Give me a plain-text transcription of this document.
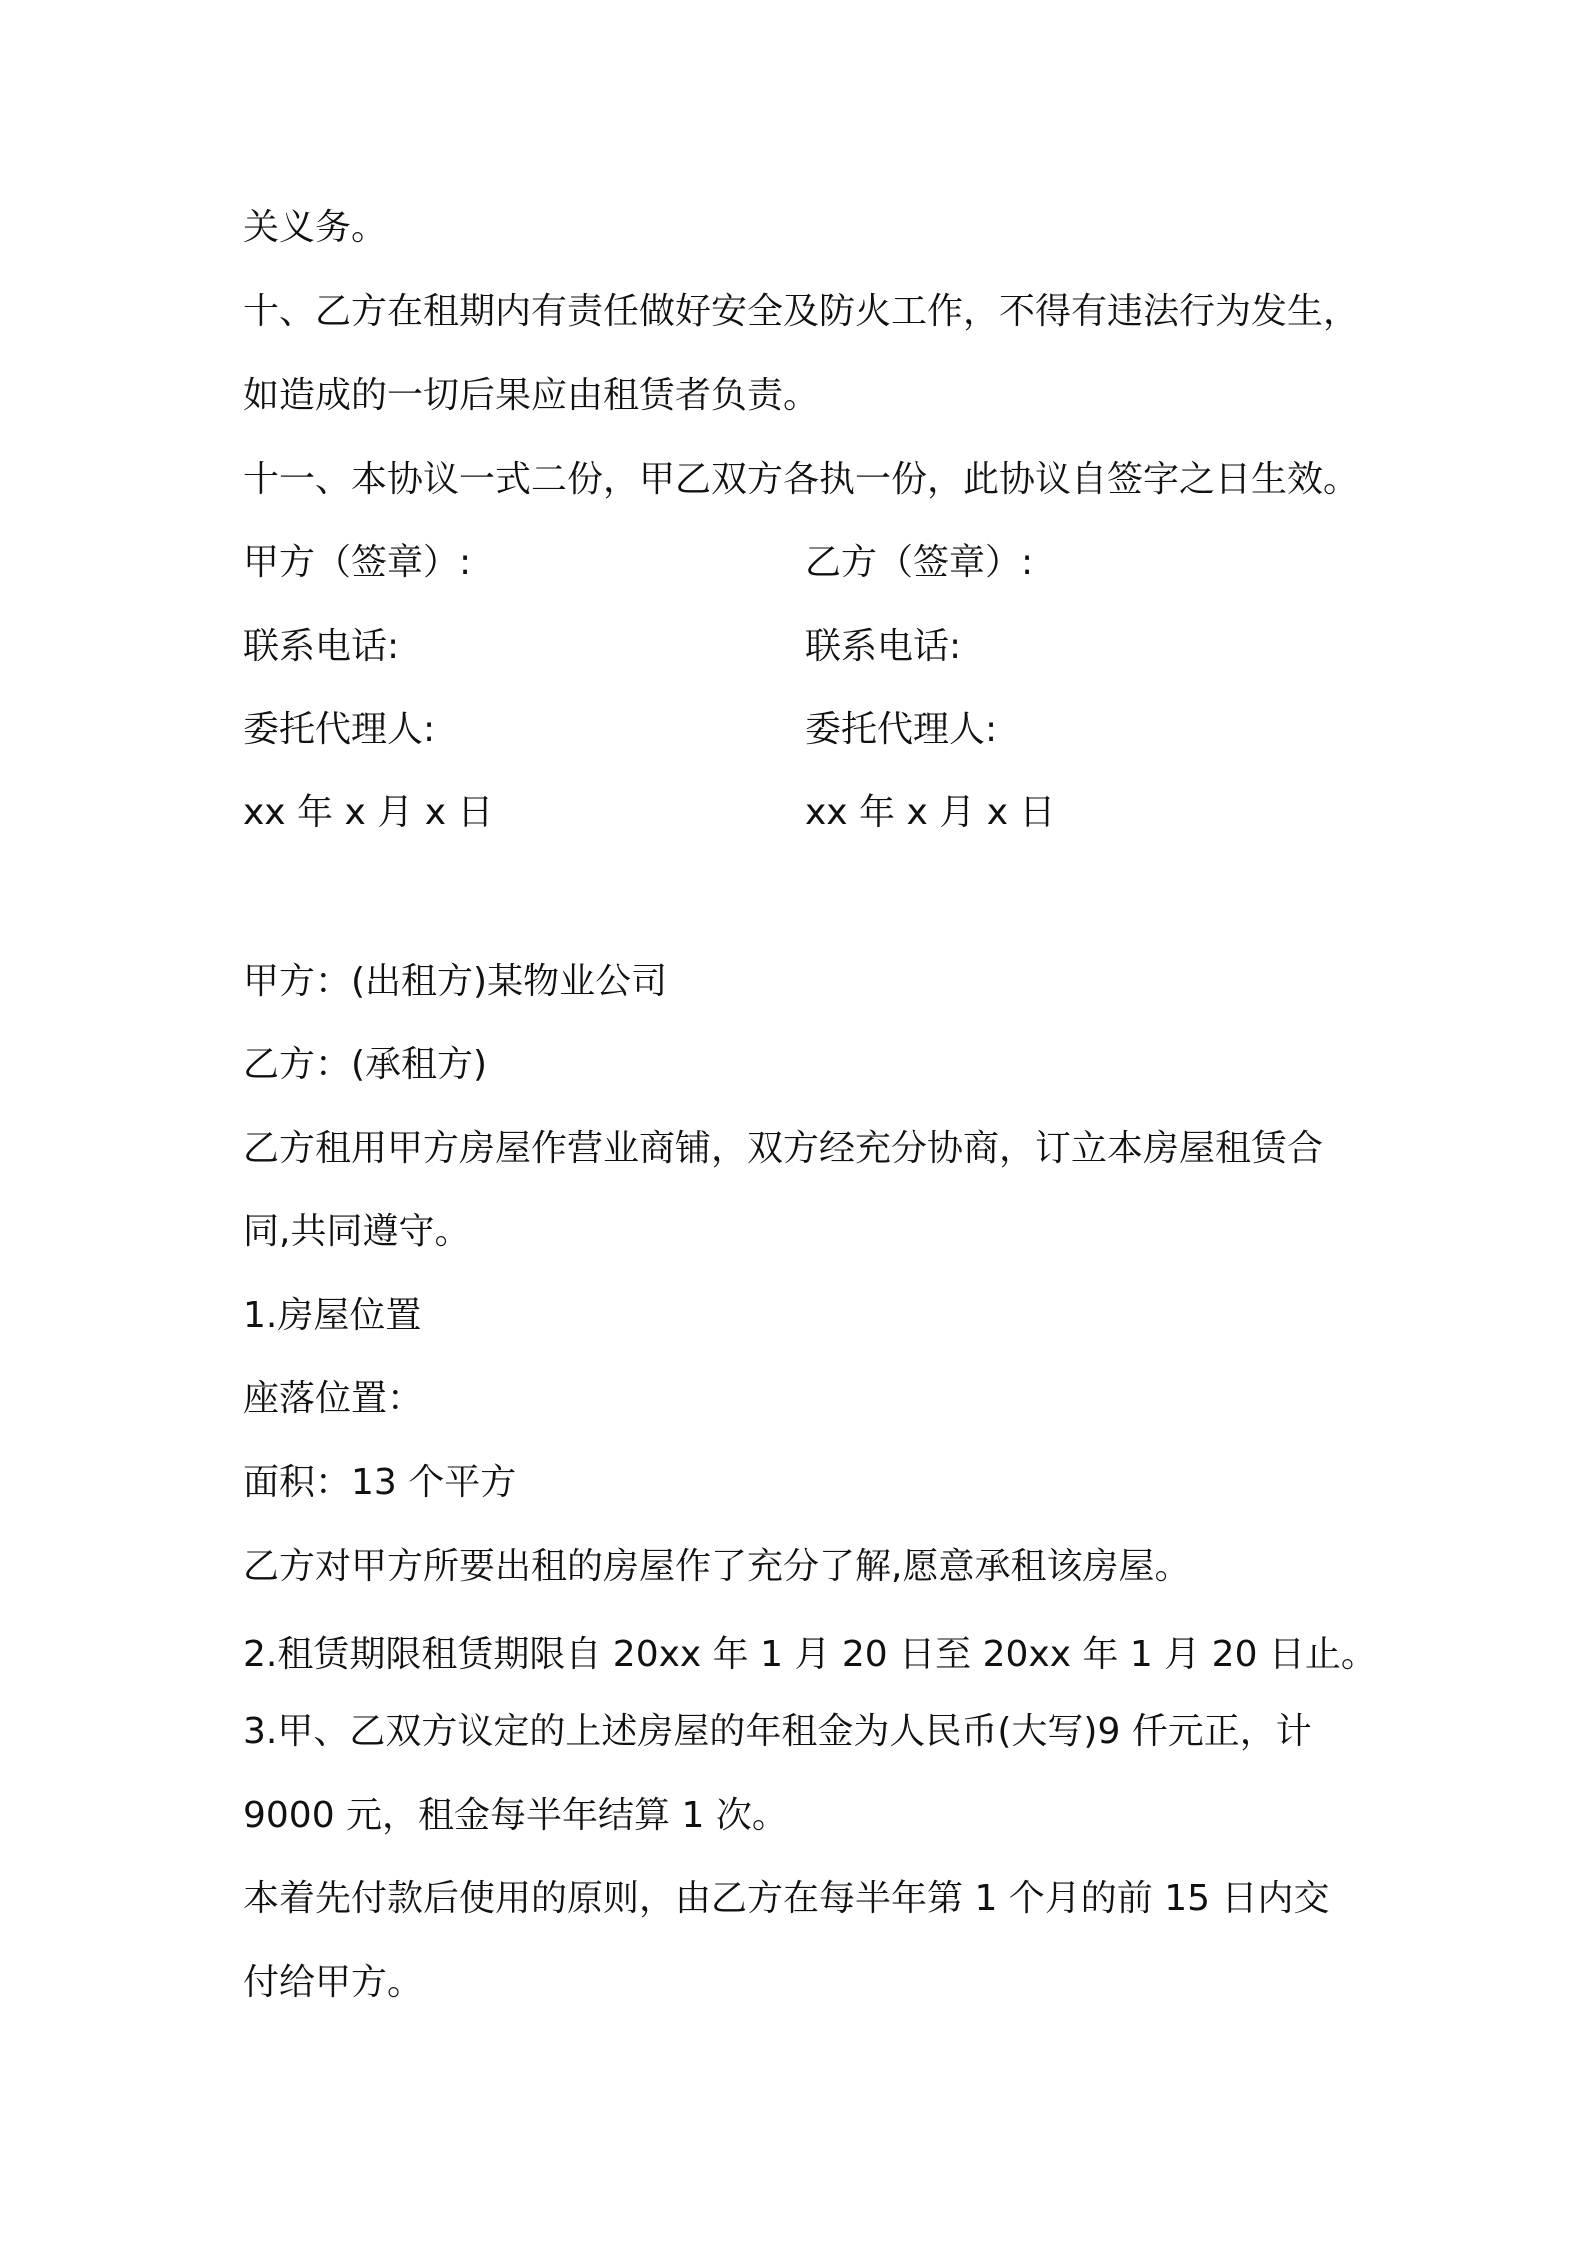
关义务。
十、乙方在租期内有责任做好安全及防火工作，不得有违法行为发生，
如造成的一切后果应由租赁者负责。
十一、本协议一式二份，甲乙双方各执一份，此协议自签字之日生效。
甲方（签章）:
联系电话:
委托代理人:
xx 年 x 月 x 日
乙方（签章）:
联系电话:
委托代理人:
xx 年 x 月 x 日
甲方：(出租方)某物业公司
乙方：(承租方)
乙方租用甲方房屋作营业商铺，双方经充分协商，订立本房屋租赁合
同,共同遵守。
1.房屋位置
座落位置：
面积：13 个平方
乙方对甲方所要出租的房屋作了充分了解,愿意承租该房屋。
2.租赁期限租赁期限自 20xx 年 1 月 20 日至 20xx 年 1 月 20 日止。
3.甲、乙双方议定的上述房屋的年租金为人民币(大写)9 仟元正，计
9000 元，租金每半年结算 1 次。
本着先付款后使用的原则，由乙方在每半年第 1 个月的前 15 日内交
付给甲方。
